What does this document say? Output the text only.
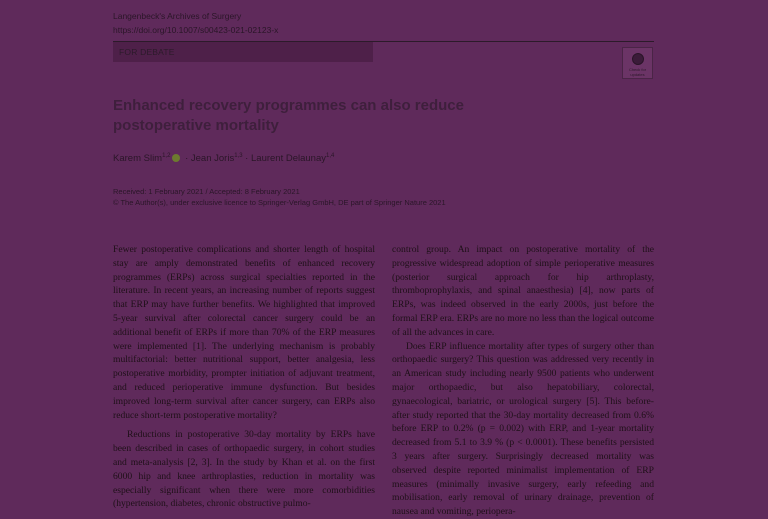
Langenbeck's Archives of Surgery
https://doi.org/10.1007/s00423-021-02123-x
FOR DEBATE
Check for updates
Enhanced recovery programmes can also reduce postoperative mortality
Karem Slim$^{1,2}$ · Jean Joris$^{1,3}$ · Laurent Delaunay$^{1,4}$
Received: 1 February 2021 / Accepted: 8 February 2021
© The Author(s), under exclusive licence to Springer-Verlag GmbH, DE part of Springer Nature 2021

Fewer postoperative complications and shorter length of hospital stay are amply demonstrated benefits of enhanced recovery programmes (ERPs) across surgical specialties reported in the literature. In recent years, an increasing number of reports suggest that ERP may have further benefits. We highlighted that improved 5-year survival after colorectal cancer surgery could be an additional benefit of ERPs if more than 70% of the ERP measures were implemented [1]. The underlying mechanism is probably multifactorial: better nutritional support, better analgesia, less postoperative morbidity, prompter initiation of adjuvant treatment, and reduced perioperative immune dysfunction. But besides improved long-term survival after cancer surgery, can ERPs also reduce short-term postoperative mortality?

Reductions in postoperative 30-day mortality by ERPs have been described in cases of orthopaedic surgery, in cohort studies and meta-analysis [2, 3]. In the study by Khan et al. on the first 6000 hip and knee arthroplasties, reduction in mortality was especially significant when there were more comorbidities (hypertension, diabetes, chronic obstructive pulmo-

control group. An impact on postoperative mortality of the progressive widespread adoption of simple perioperative measures (posterior surgical approach for hip arthroplasty, thromboprophylaxis, and spinal anaesthesia) [4], now parts of ERPs, was indeed observed in the early 2000s, just before the formal ERP era. ERPs are no more no less than the logical outcome of all the advances in care.

Does ERP influence mortality after types of surgery other than orthopaedic surgery? This question was addressed very recently in an American study including nearly 9500 patients who underwent major orthopaedic, but also hepatobiliary, colorectal, gynaecological, bariatric, or urological surgery [5]. This before-after study reported that the 30-day mortality decreased from 0.6% before ERP to 0.2% (p = 0.002) with ERP, and 1-year mortality decreased from 5.1 to 3.9 % (p < 0.0001). These benefits persisted 3 years after surgery. Surprisingly decreased mortality was observed despite reported minimalist implementation of ERP measures (minimally invasive surgery, early refeeding and mobilisation, early removal of urinary drainage, prevention of nausea and vomiting, periopera-
